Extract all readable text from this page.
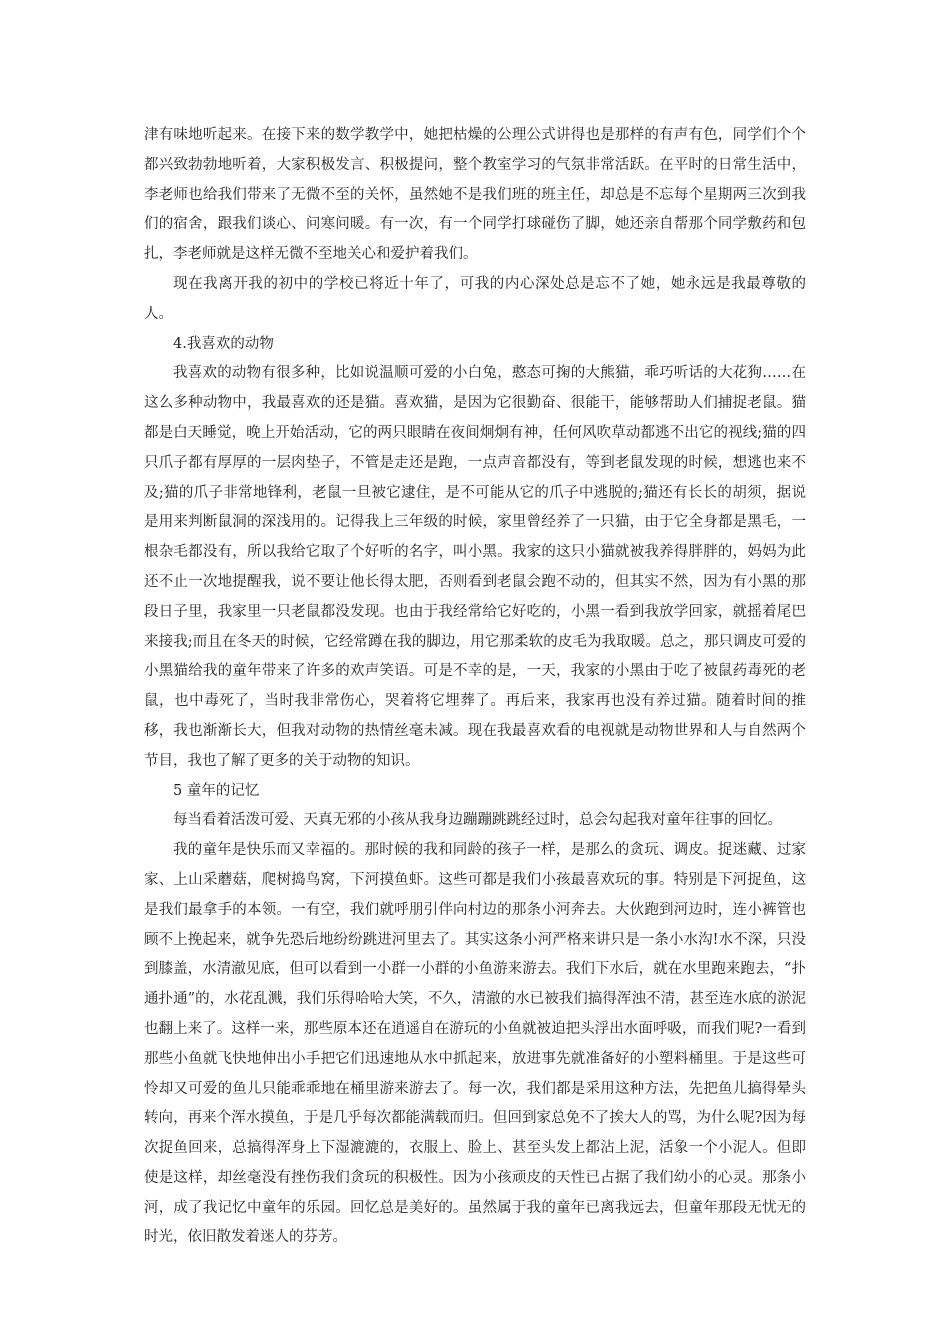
津有味地听起来。在接下来的数学教学中，她把枯燥的公理公式讲得也是那样的有声有色，同学们个个都兴致勃勃地听着，大家积极发言、积极提问，整个教室学习的气氛非常活跃。在平时的日常生活中，李老师也给我们带来了无微不至的关怀，虽然她不是我们班的班主任，却总是不忘每个星期两三次到我们的宿舍，跟我们谈心、问寒问暖。有一次，有一个同学打球碰伤了脚，她还亲自帮那个同学敷药和包扎，李老师就是这样无微不至地关心和爱护着我们。

现在我离开我的初中的学校已将近十年了，可我的内心深处总是忘不了她，她永远是我最尊敬的人。

4.我喜欢的动物

我喜欢的动物有很多种，比如说温顺可爱的小白兔，憨态可掬的大熊猫，乖巧听话的大花狗……在这么多种动物中，我最喜欢的还是猫。喜欢猫，是因为它很勤奋、很能干，能够帮助人们捕捉老鼠。猫都是白天睡觉，晚上开始活动，它的两只眼睛在夜间炯炯有神，任何风吹草动都逃不出它的视线;猫的四只爪子都有厚厚的一层肉垫子，不管是走还是跑，一点声音都没有，等到老鼠发现的时候，想逃也来不及;猫的爪子非常地锋利，老鼠一旦被它逮住，是不可能从它的爪子中逃脱的;猫还有长长的胡须，据说是用来判断鼠洞的深浅用的。记得我上三年级的时候，家里曾经养了一只猫，由于它全身都是黑毛，一根杂毛都没有，所以我给它取了个好听的名字，叫小黑。我家的这只小猫就被我养得胖胖的，妈妈为此还不止一次地提醒我，说不要让他长得太肥，否则看到老鼠会跑不动的，但其实不然，因为有小黑的那段日子里，我家里一只老鼠都没发现。也由于我经常给它好吃的，小黑一看到我放学回家，就摇着尾巴来接我;而且在冬天的时候，它经常蹲在我的脚边，用它那柔软的皮毛为我取暖。总之，那只调皮可爱的小黑猫给我的童年带来了许多的欢声笑语。可是不幸的是，一天，我家的小黑由于吃了被鼠药毒死的老鼠，也中毒死了，当时我非常伤心，哭着将它埋葬了。再后来，我家再也没有养过猫。随着时间的推移，我也渐渐长大，但我对动物的热情丝毫未减。现在我最喜欢看的电视就是动物世界和人与自然两个节目，我也了解了更多的关于动物的知识。

5 童年的记忆

每当看着活泼可爱、天真无邪的小孩从我身边蹦蹦跳跳经过时，总会勾起我对童年往事的回忆。

我的童年是快乐而又幸福的。那时候的我和同龄的孩子一样，是那么的贪玩、调皮。捉迷藏、过家家、上山采蘑菇，爬树捣鸟窝，下河摸鱼虾。这些可都是我们小孩最喜欢玩的事。特别是下河捉鱼，这是我们最拿手的本领。一有空，我们就呼朋引伴向村边的那条小河奔去。大伙跑到河边时，连小裤管也顾不上挽起来，就争先恐后地纷纷跳进河里去了。其实这条小河严格来讲只是一条小水沟!水不深，只没到膝盖，水清澈见底，但可以看到一小群一小群的小鱼游来游去。我们下水后，就在水里跑来跑去，“扑通扑通”的，水花乱溅，我们乐得哈哈大笑，不久，清澈的水已被我们搞得浑浊不清，甚至连水底的淤泥也翻上来了。这样一来，那些原本还在逍遥自在游玩的小鱼就被迫把头浮出水面呼吸，而我们呢?一看到那些小鱼就飞快地伸出小手把它们迅速地从水中抓起来，放进事先就准备好的小塑料桶里。于是这些可怜却又可爱的鱼儿只能乖乖地在桶里游来游去了。每一次，我们都是采用这种方法，先把鱼儿搞得晕头转向，再来个浑水摸鱼，于是几乎每次都能满载而归。但回到家总免不了挨大人的骂，为什么呢?因为每次捉鱼回来，总搞得浑身上下湿漉漉的，衣服上、脸上、甚至头发上都沾上泥，活象一个小泥人。但即使是这样，却丝毫没有挫伤我们贪玩的积极性。因为小孩顽皮的天性已占据了我们幼小的心灵。那条小河，成了我记忆中童年的乐园。回忆总是美好的。虽然属于我的童年已离我远去，但童年那段无忧无的时光，依旧散发着迷人的芬芳。
